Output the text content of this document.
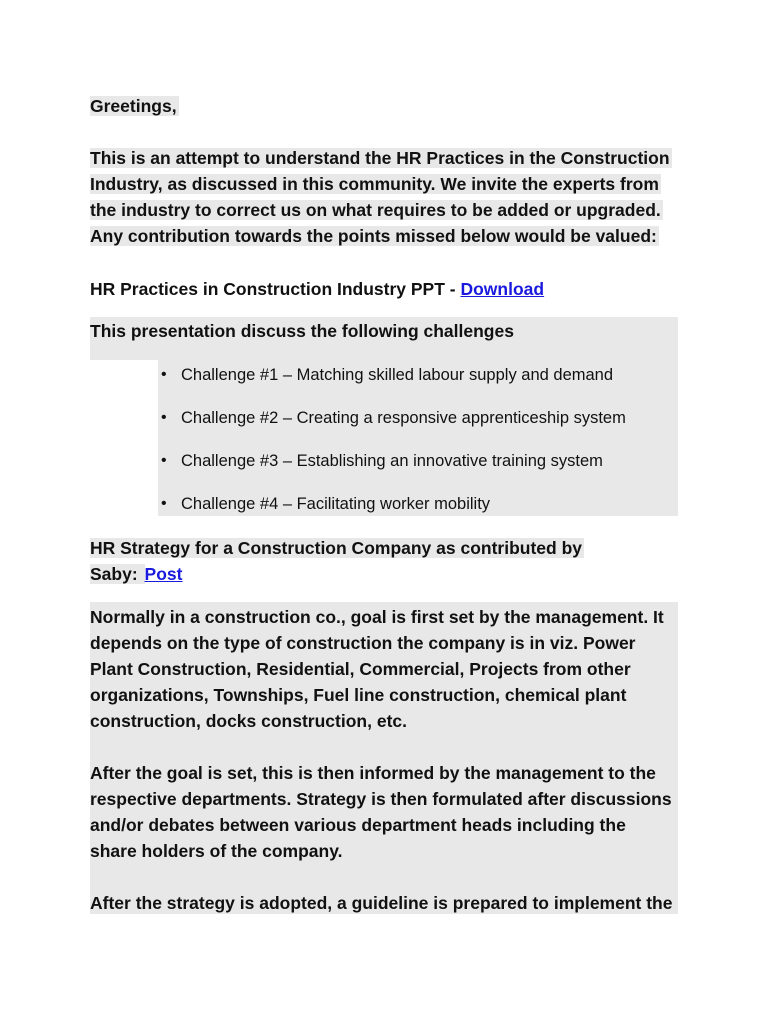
Greetings,

This is an attempt to understand the HR Practices in the Construction

Industry, as discussed in this community. We invite the experts from

the industry to correct us on what requires to be added or upgraded.

Any contribution towards the points missed below would be valued:

HR Practices in Construction Industry PPT - Download
This presentation discuss the following challenges
• Challenge #1 – Matching skilled labour supply and demand
• Challenge #2 – Creating a responsive apprenticeship system
• Challenge #3 – Establishing an innovative training system
• Challenge #4 – Facilitating worker mobility

HR Strategy for a Construction Company as contributed by

Saby: Post

Normally in a construction co., goal is first set by the management. It

depends on the type of construction the company is in viz. Power

Plant Construction, Residential, Commercial, Projects from other

organizations, Townships, Fuel line construction, chemical plant

construction, docks construction, etc.

After the goal is set, this is then informed by the management to the

respective departments. Strategy is then formulated after discussions

and/or debates between various department heads including the

share holders of the company.

After the strategy is adopted, a guideline is prepared to implement the
